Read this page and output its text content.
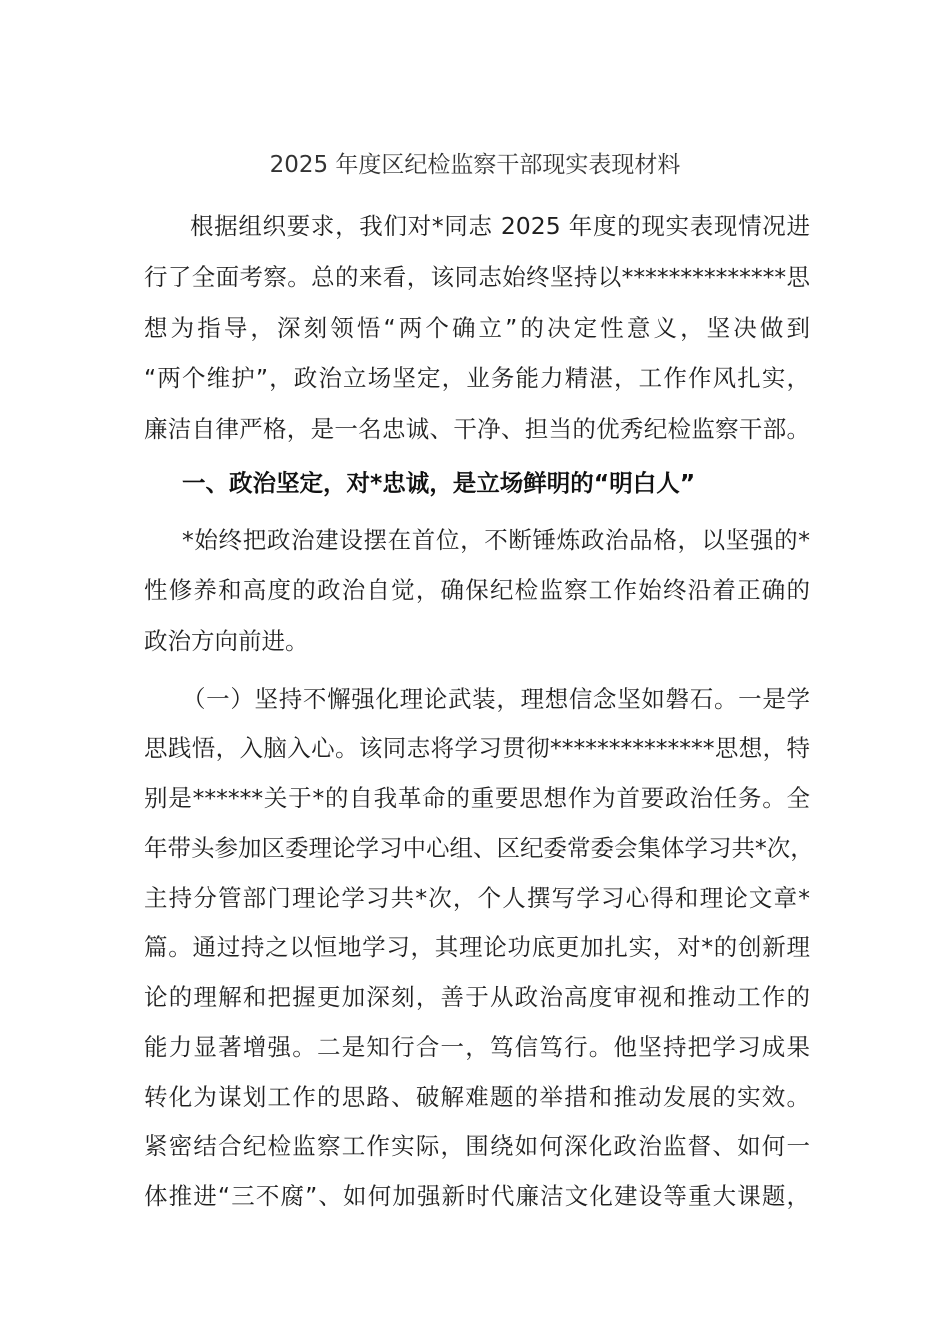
2025 年度区纪检监察干部现实表现材料

根据组织要求，我们对*同志 2025 年度的现实表现情况进

行了全面考察。总的来看，该同志始终坚持以**************思

想为指导，深刻领悟“两个确立”的决定性意义，坚决做到

“两个维护”，政治立场坚定，业务能力精湛，工作作风扎实，

廉洁自律严格，是一名忠诚、干净、担当的优秀纪检监察干部。

一、政治坚定，对*忠诚，是立场鲜明的“明白人”

*始终把政治建设摆在首位，不断锤炼政治品格，以坚强的*

性修养和高度的政治自觉，确保纪检监察工作始终沿着正确的

政治方向前进。

（一）坚持不懈强化理论武装，理想信念坚如磐石。一是学

思践悟，入脑入心。该同志将学习贯彻**************思想，特

别是******关于*的自我革命的重要思想作为首要政治任务。全

年带头参加区委理论学习中心组、区纪委常委会集体学习共*次，

主持分管部门理论学习共*次，个人撰写学习心得和理论文章*

篇。通过持之以恒地学习，其理论功底更加扎实，对*的创新理

论的理解和把握更加深刻，善于从政治高度审视和推动工作的

能力显著增强。二是知行合一，笃信笃行。他坚持把学习成果

转化为谋划工作的思路、破解难题的举措和推动发展的实效。

紧密结合纪检监察工作实际，围绕如何深化政治监督、如何一

体推进“三不腐”、如何加强新时代廉洁文化建设等重大课题，
